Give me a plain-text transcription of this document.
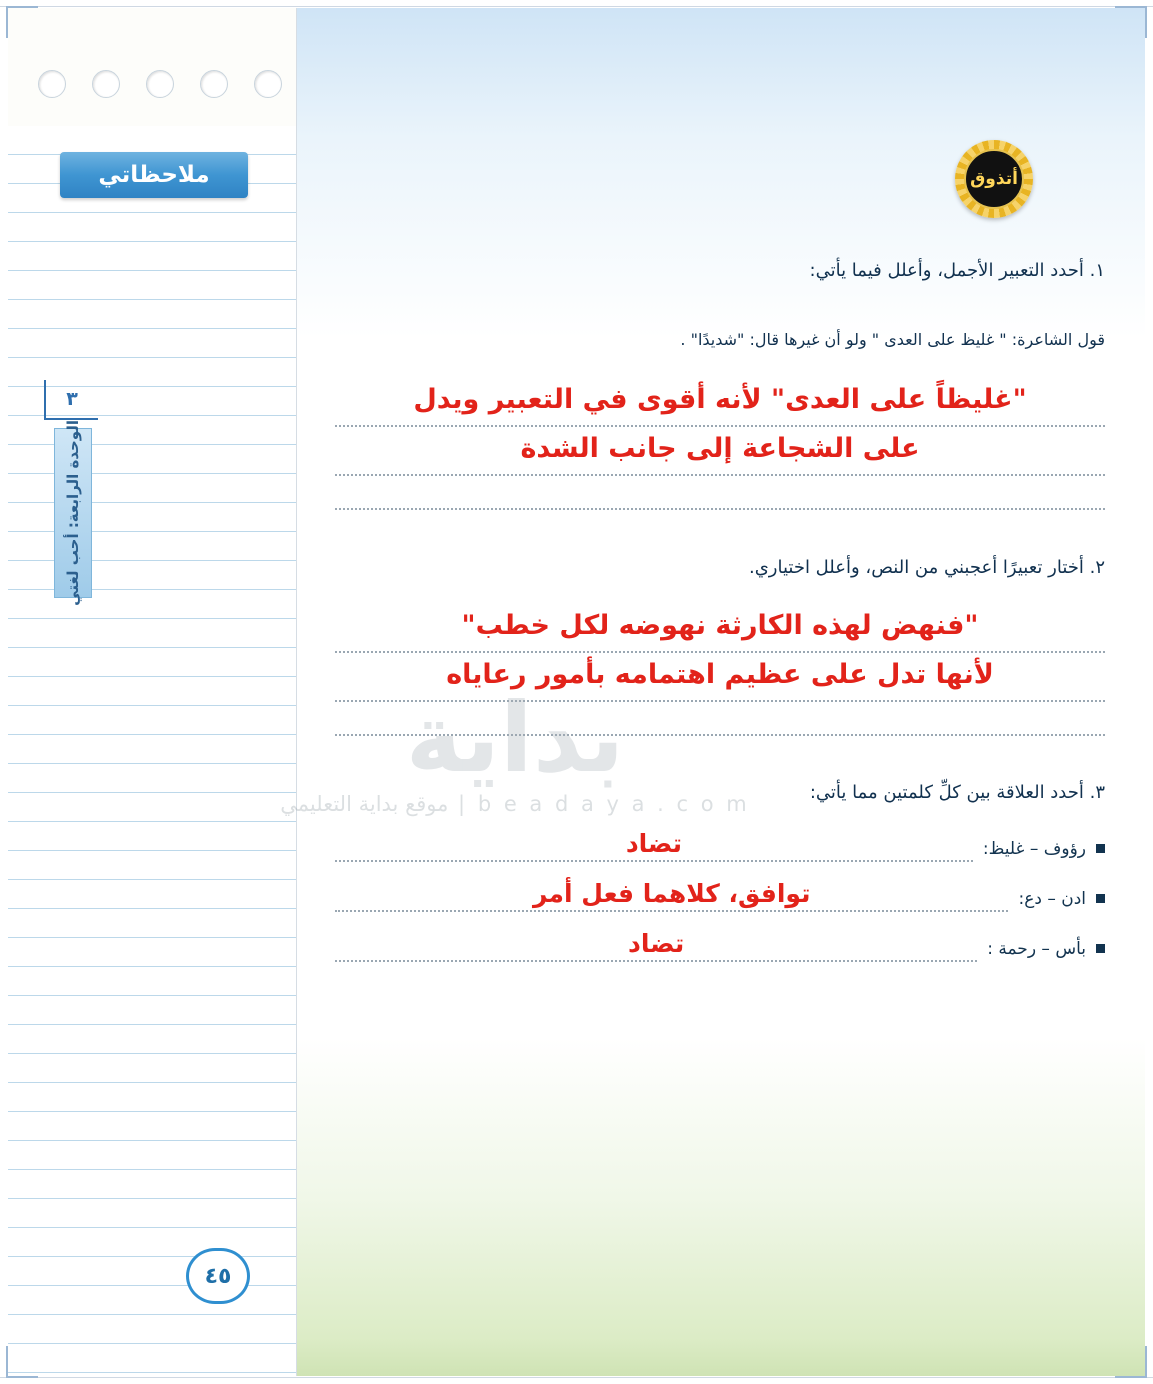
ملاحظاتي
٣
الوحدة الرابعة: أحب لغتي
٤٥
أتذوق
١. أحدد التعبير الأجمل، وأعلل فيما يأتي:
قول الشاعرة: " غليظ على العدى " ولو أن غيرها قال: "شديدًا" .
"غليظاً على العدى" لأنه أقوى في التعبير ويدل
على الشجاعة إلى جانب الشدة
٢. أختار تعبيرًا أعجبني من النص، وأعلل اختياري.
"فنهض لهذه الكارثة نهوضه لكل خطب"
لأنها تدل على عظيم اهتمامه بأمور رعاياه
٣. أحدد العلاقة بين كلِّ كلمتين مما يأتي:
رؤوف – غليظ:
تضاد
ادن – دع:
توافق، كلاهما فعل أمر
بأس – رحمة :
تضاد
بداية
b e a d a y a . c o m | موقع بداية التعليمي
